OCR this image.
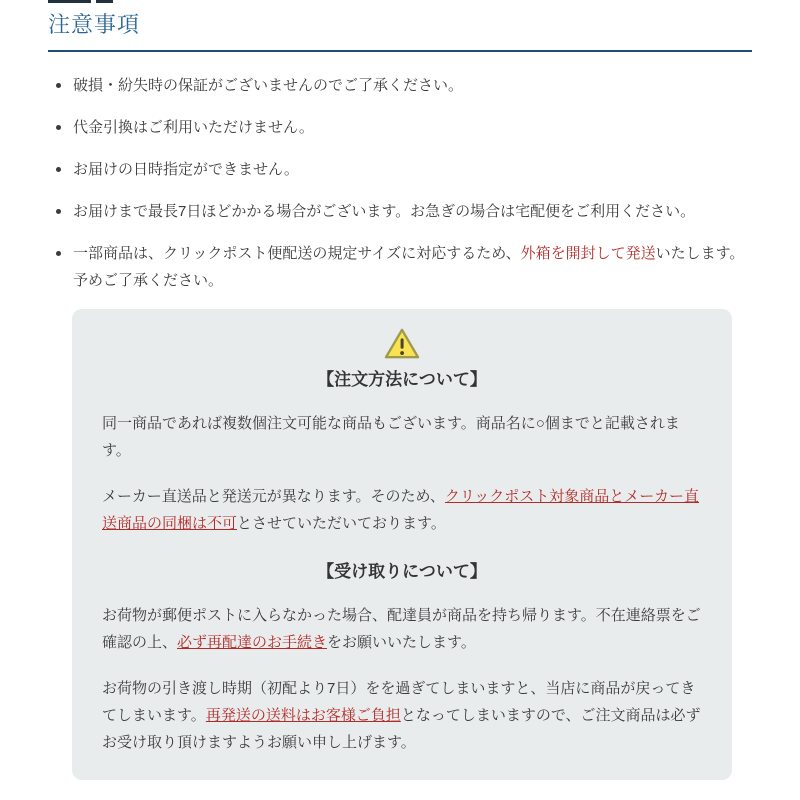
注意事項
破損・紛失時の保証がございませんのでご了承ください。
代金引換はご利用いただけません。
お届けの日時指定ができません。
お届けまで最長7日ほどかかる場合がございます。お急ぎの場合は宅配便をご利用ください。
一部商品は、クリックポスト便配送の規定サイズに対応するため、外箱を開封して発送いたします。予めご了承ください。
【注文方法について】

同一商品であれば複数個注文可能な商品もございます。商品名に○個までと記載されます。

メーカー直送品と発送元が異なります。そのため、クリックポスト対象商品とメーカー直送商品の同梱は不可とさせていただいております。

【受け取りについて】

お荷物が郵便ポストに入らなかった場合、配達員が商品を持ち帰ります。不在連絡票をご確認の上、必ず再配達のお手続きをお願いいたします。

お荷物の引き渡し時期（初配より7日）をを過ぎてしまいますと、当店に商品が戻ってきてしまいます。再発送の送料はお客様ご負担となってしまいますので、ご注文商品は必ずお受け取り頂けますようお願い申し上げます。
